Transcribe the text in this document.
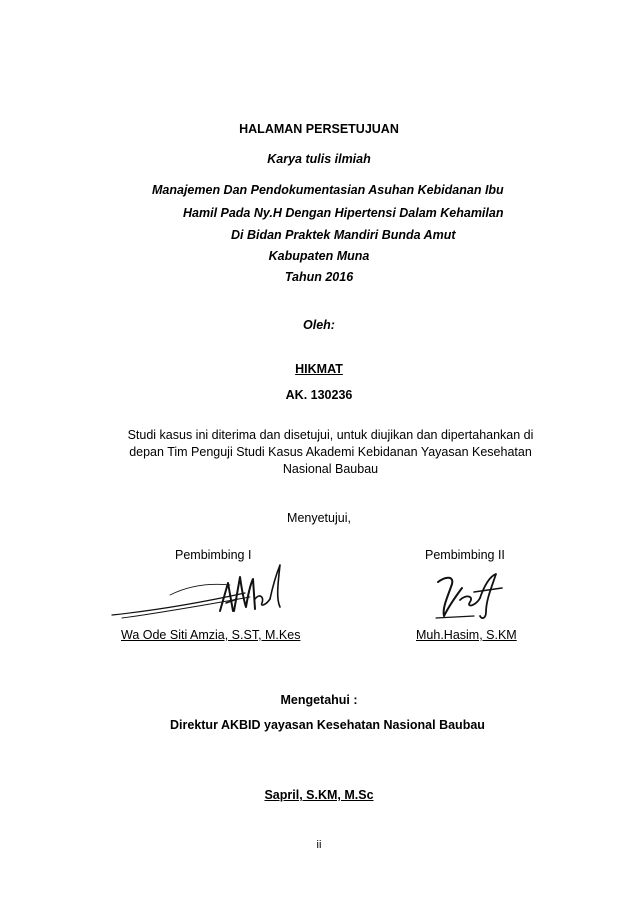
HALAMAN PERSETUJUAN
Karya tulis ilmiah
Manajemen Dan Pendokumentasian Asuhan Kebidanan Ibu
Hamil Pada Ny.H Dengan Hipertensi Dalam Kehamilan
Di Bidan Praktek Mandiri Bunda Amut
Kabupaten Muna
Tahun 2016
Oleh:
HIKMAT
AK. 130236
Studi kasus ini diterima dan disetujui, untuk diujikan dan dipertahankan di depan Tim Penguji Studi Kasus Akademi Kebidanan Yayasan Kesehatan Nasional Baubau
Menyetujui,
Pembimbing I	Pembimbing II
Wa Ode Siti Amzia, S.ST, M.Kes	Muh.Hasim, S.KM
Mengetahui :
Direktur AKBID yayasan Kesehatan Nasional Baubau
Sapril, S.KM, M.Sc
ii
